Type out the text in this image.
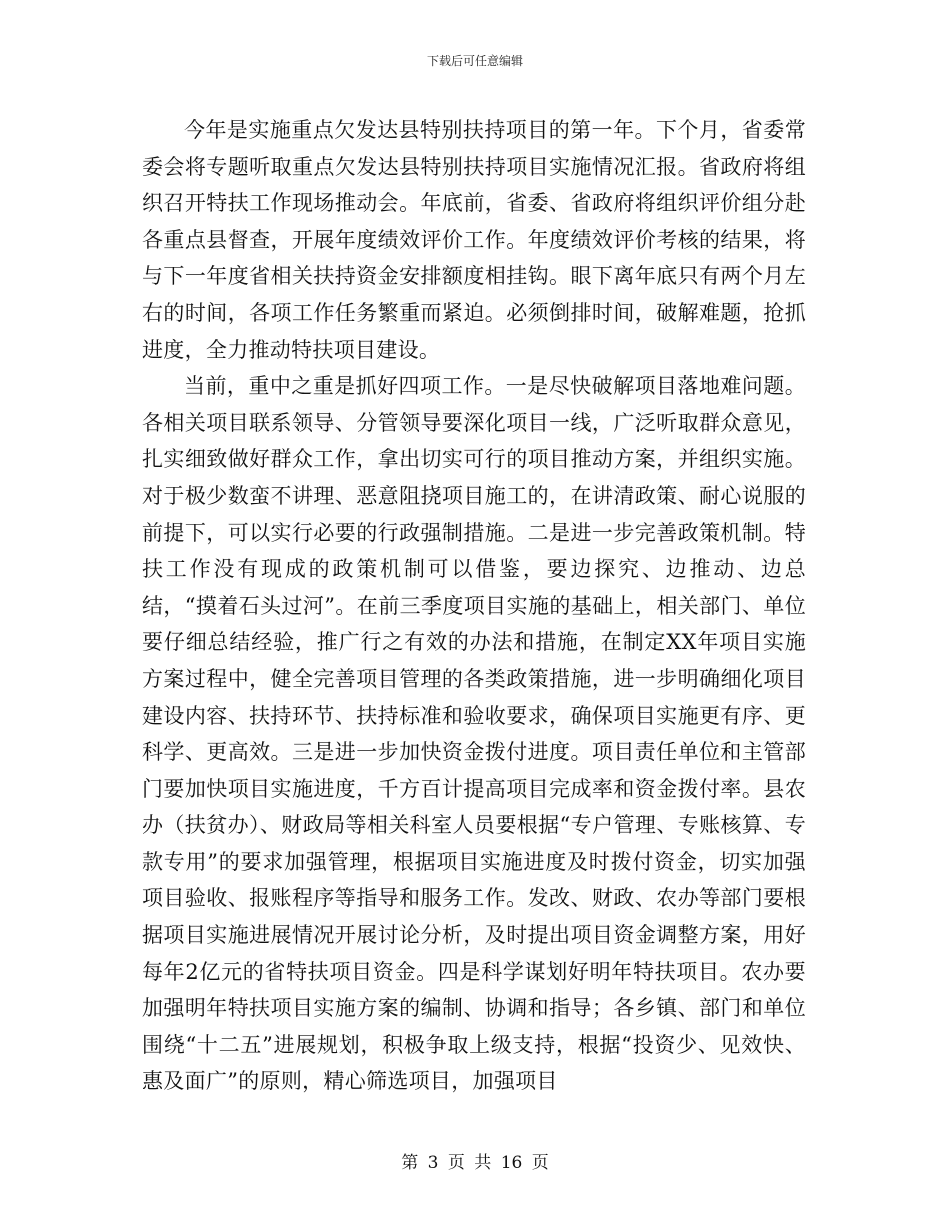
下载后可任意编辑

今年是实施重点欠发达县特别扶持项目的第一年。下个月，省委常委会将专题听取重点欠发达县特别扶持项目实施情况汇报。省政府将组织召开特扶工作现场推动会。年底前，省委、省政府将组织评价组分赴各重点县督查，开展年度绩效评价工作。年度绩效评价考核的结果，将与下一年度省相关扶持资金安排额度相挂钩。眼下离年底只有两个月左右的时间，各项工作任务繁重而紧迫。必须倒排时间，破解难题，抢抓进度，全力推动特扶项目建设。

当前，重中之重是抓好四项工作。一是尽快破解项目落地难问题。各相关项目联系领导、分管领导要深化项目一线，广泛听取群众意见，扎实细致做好群众工作，拿出切实可行的项目推动方案，并组织实施。对于极少数蛮不讲理、恶意阻挠项目施工的，在讲清政策、耐心说服的前提下，可以实行必要的行政强制措施。二是进一步完善政策机制。特扶工作没有现成的政策机制可以借鉴，要边探究、边推动、边总结，“摸着石头过河”。在前三季度项目实施的基础上，相关部门、单位要仔细总结经验，推广行之有效的办法和措施，在制定XX年项目实施方案过程中，健全完善项目管理的各类政策措施，进一步明确细化项目建设内容、扶持环节、扶持标准和验收要求，确保项目实施更有序、更科学、更高效。三是进一步加快资金拨付进度。项目责任单位和主管部门要加快项目实施进度，千方百计提高项目完成率和资金拨付率。县农办（扶贫办）、财政局等相关科室人员要根据“专户管理、专账核算、专款专用”的要求加强管理，根据项目实施进度及时拨付资金，切实加强项目验收、报账程序等指导和服务工作。发改、财政、农办等部门要根据项目实施进展情况开展讨论分析，及时提出项目资金调整方案，用好每年2亿元的省特扶项目资金。四是科学谋划好明年特扶项目。农办要加强明年特扶项目实施方案的编制、协调和指导；各乡镇、部门和单位围绕“十二五”进展规划，积极争取上级支持，根据“投资少、见效快、惠及面广”的原则，精心筛选项目，加强项目

第 3 页 共 16 页
